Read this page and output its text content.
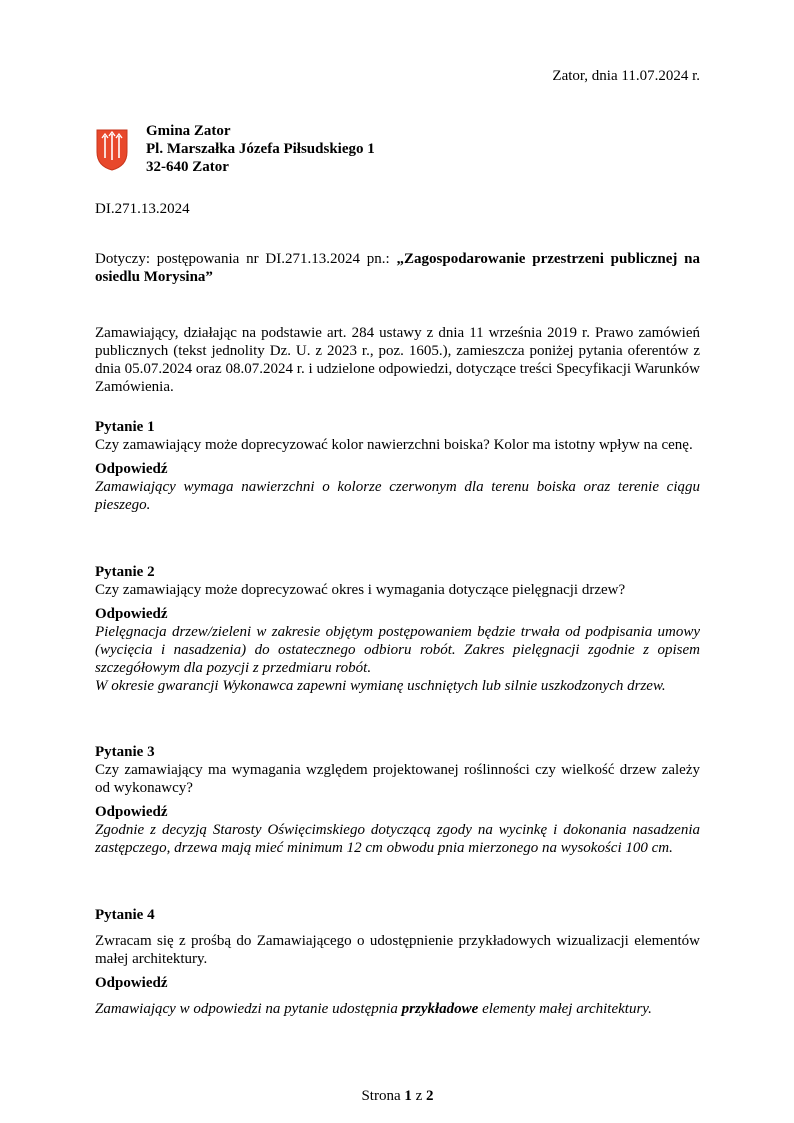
Zator, dnia 11.07.2024 r.
Gmina Zator
Pl. Marszałka Józefa Piłsudskiego 1
32-640 Zator
DI.271.13.2024
Dotyczy: postępowania nr DI.271.13.2024 pn.: „Zagospodarowanie przestrzeni publicznej na osiedlu Morysina”
Zamawiający, działając na podstawie art. 284 ustawy z dnia 11 września 2019 r. Prawo zamówień publicznych (tekst jednolity Dz. U. z 2023 r., poz. 1605.), zamieszcza poniżej pytania oferentów z dnia 05.07.2024 oraz 08.07.2024 r. i udzielone odpowiedzi, dotyczące treści Specyfikacji Warunków Zamówienia.
Pytanie 1
Czy zamawiający może doprecyzować kolor nawierzchni boiska? Kolor ma istotny wpływ na cenę.
Odpowiedź
Zamawiający wymaga nawierzchni o kolorze czerwonym dla terenu boiska oraz terenie ciągu pieszego.
Pytanie 2
Czy zamawiający może doprecyzować okres i wymagania dotyczące pielęgnacji drzew?
Odpowiedź
Pielęgnacja drzew/zieleni w zakresie objętym postępowaniem będzie trwała od podpisania umowy (wycięcia i nasadzenia) do ostatecznego odbioru robót. Zakres pielęgnacji zgodnie z opisem szczegółowym dla pozycji z przedmiaru robót.
W okresie gwarancji Wykonawca zapewni wymianę uschniętych lub silnie uszkodzonych drzew.
Pytanie 3
Czy zamawiający ma wymagania względem projektowanej roślinności czy wielkość drzew zależy od wykonawcy?
Odpowiedź
Zgodnie z decyzją Starosty Oświęcimskiego dotyczącą zgody na wycinkę i dokonania nasadzenia zastępczego, drzewa mają mieć minimum 12 cm obwodu pnia mierzonego na wysokości 100 cm.
Pytanie 4
Zwracam się z prośbą do Zamawiającego o udostępnienie przykładowych wizualizacji elementów małej architektury.
Odpowiedź
Zamawiający w odpowiedzi na pytanie udostępnia przykładowe elementy małej architektury.
Strona 1 z 2
